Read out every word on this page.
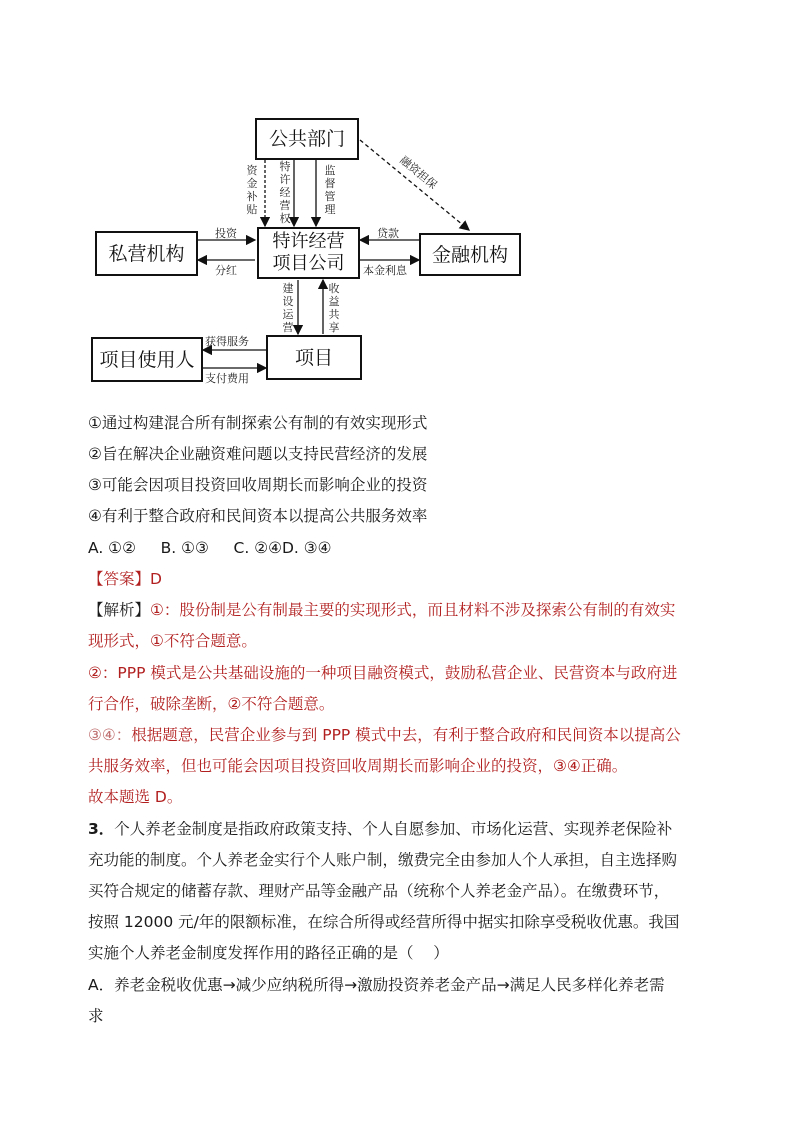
公共部门
特许经营
项目公司
私营机构	金融机构
项目
项目使用人
资金补贴
特许经营权
监督管理
融资担保
投资
分红
贷款
本金利息
建设运营
收益共享
获得服务
支付费用
①通过构建混合所有制探索公有制的有效实现形式
②旨在解决企业融资难问题以支持民营经济的发展
③可能会因项目投资回收周期长而影响企业的投资
④有利于整合政府和民间资本以提高公共服务效率
A. ①②     B. ①③     C. ②④D. ③④
【答案】D
【解析】①：股份制是公有制最主要的实现形式，而且材料不涉及探索公有制的有效实
现形式，①不符合题意。
②：PPP 模式是公共基础设施的一种项目融资模式，鼓励私营企业、民营资本与政府进
行合作，破除垄断，②不符合题意。
③④：根据题意，民营企业参与到 PPP 模式中去，有利于整合政府和民间资本以提高公
共服务效率，但也可能会因项目投资回收周期长而影响企业的投资，③④正确。
故本题选 D。
3．个人养老金制度是指政府政策支持、个人自愿参加、市场化运营、实现养老保险补
充功能的制度。个人养老金实行个人账户制，缴费完全由参加人个人承担，自主选择购
买符合规定的储蓄存款、理财产品等金融产品（统称个人养老金产品）。在缴费环节，
按照 12000 元/年的限额标准，在综合所得或经营所得中据实扣除享受税收优惠。我国
实施个人养老金制度发挥作用的路径正确的是（    ）
A．养老金税收优惠→减少应纳税所得→激励投资养老金产品→满足人民多样化养老需
求
